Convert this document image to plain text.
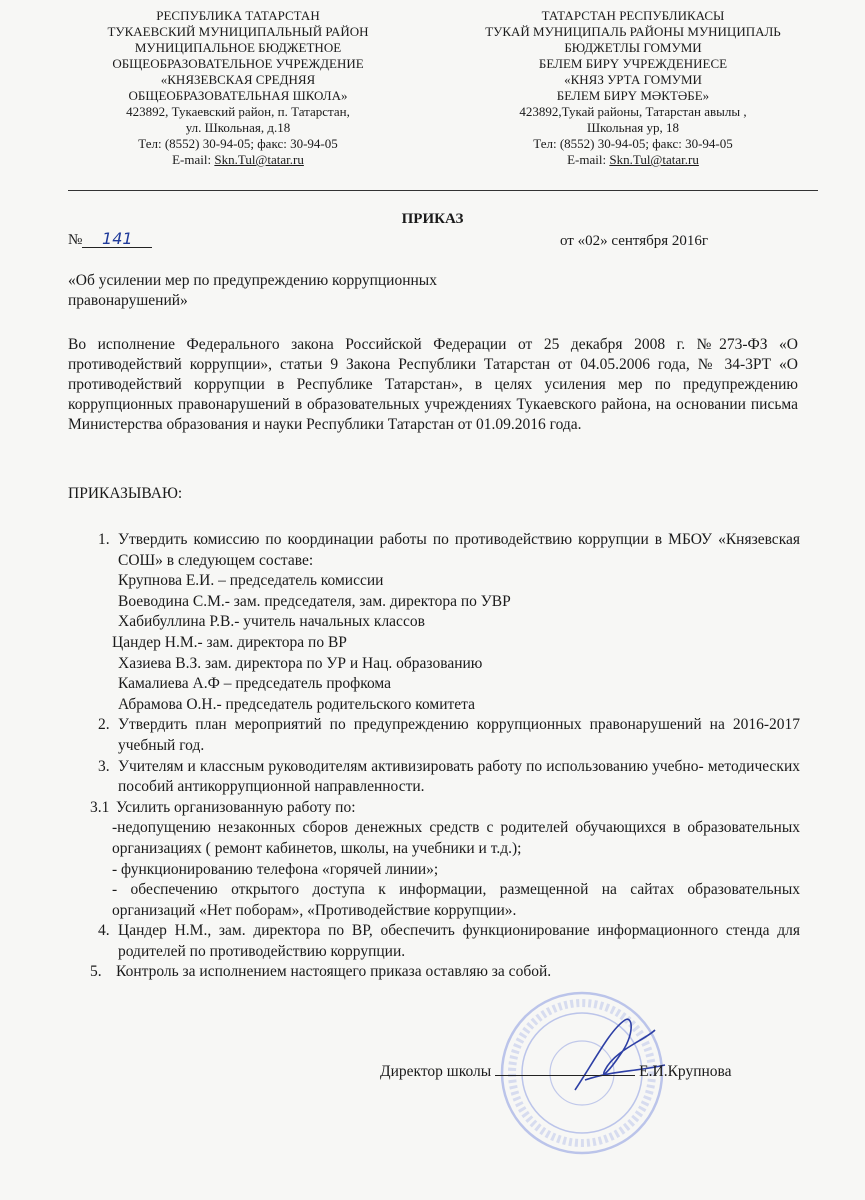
РЕСПУБЛИКА ТАТАРСТАН
ТУКАЕВСКИЙ МУНИЦИПАЛЬНЫЙ РАЙОН
МУНИЦИПАЛЬНОЕ БЮДЖЕТНОЕ
ОБЩЕОБРАЗОВАТЕЛЬНОЕ УЧРЕЖДЕНИЕ
«КНЯЗЕВСКАЯ СРЕДНЯЯ
ОБЩЕОБРАЗОВАТЕЛЬНАЯ ШКОЛА»
423892, Тукаевский район, п. Татарстан,
ул. Школьная, д.18
Тел: (8552) 30-94-05; факс: 30-94-05
E-mail: Skn.Tul@tatar.ru
ТАТАРСТАН РЕСПУБЛИКАСЫ
ТУКАЙ МУНИЦИПАЛЬ РАЙОНЫ МУНИЦИПАЛЬ
БЮДЖЕТЛЫ ГОМУМИ
БЕЛЕМ БИРҮ УЧРЕЖДЕНИЕСЕ
«КНЯЗ УРТА ГОМУМИ
БЕЛЕМ БИРҮ МӘКТӘБЕ»
423892,Тукай районы, Татарстан авылы ,
Школьная ур, 18
Тел: (8552) 30-94-05; факс: 30-94-05
E-mail: Skn.Tul@tatar.ru
ПРИКАЗ
№ 141	от «02» сентября 2016г
«Об усилении мер по предупреждению коррупционных правонарушений»
Во исполнение Федерального закона Российской Федерации от 25 декабря 2008 г. №273-ФЗ «О противодействий коррупции», статьи 9 Закона Республики Татарстан от 04.05.2006 года, № 34-3РТ «О противодействий коррупции в Республике Татарстан», в целях усиления мер по предупреждению коррупционных правонарушений в образовательных учреждениях Тукаевского района, на основании письма Министерства образования и науки Республики Татарстан от 01.09.2016 года.
ПРИКАЗЫВАЮ:
1. Утвердить комиссию по координации работы по противодействию коррупции в МБОУ «Князевская СОШ» в следующем составе:
Крупнова Е.И. – председатель комиссии
Воеводина С.М.- зам. председателя, зам. директора по УВР
Хабибуллина Р.В.- учитель начальных классов
Цандер Н.М.- зам. директора по ВР
Хазиева В.З. зам. директора по УР и Нац. образованию
Камалиева А.Ф – председатель профкома
Абрамова О.Н.- председатель родительского комитета
2. Утвердить план мероприятий по предупреждению коррупционных правонарушений на 2016-2017 учебный год.
3. Учителям и классным руководителям активизировать работу по использованию учебно- методических пособий антикоррупционной направленности.
3.1 Усилить организованную работу по:
-недопущению незаконных сборов денежных средств с родителей обучающихся в образовательных организациях ( ремонт кабинетов, школы, на учебники и т.д.);
- функционированию телефона «горячей линии»;
- обеспечению открытого доступа к информации, размещенной на сайтах образовательных организаций «Нет поборам», «Противодействие коррупции».
4. Цандер Н.М., зам. директора по ВР, обеспечить функционирование информационного стенда для родителей по противодействию коррупции.
5. Контроль за исполнением настоящего приказа оставляю за собой.
Директор школы	Е.И.Крупнова
